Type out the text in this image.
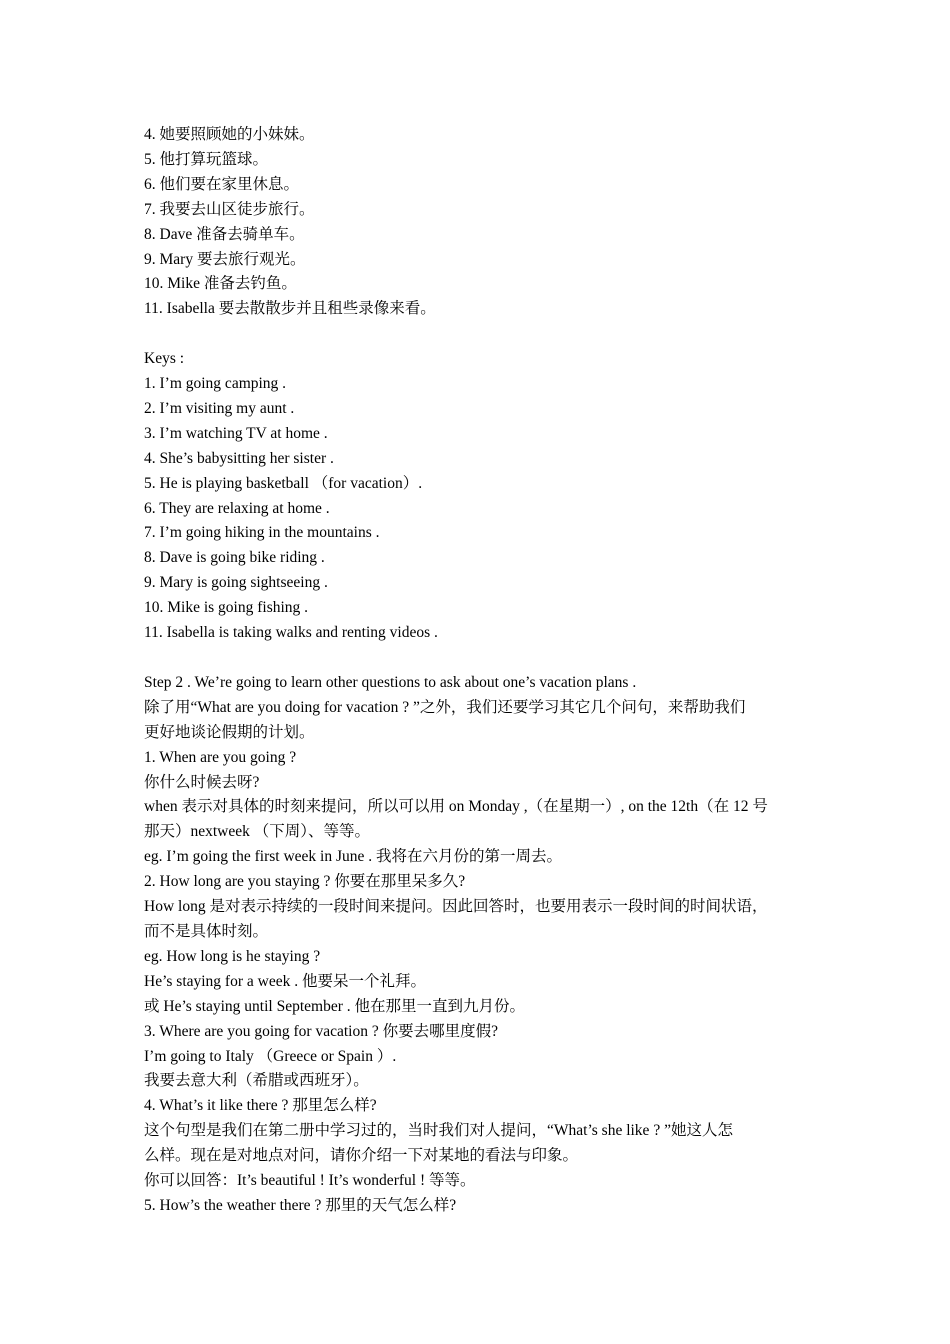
4. 她要照顾她的小妹妹。
5. 他打算玩篮球。
6. 他们要在家里休息。
7. 我要去山区徒步旅行。
8. Dave 准备去骑单车。
9. Mary 要去旅行观光。
10. Mike 准备去钓鱼。
11. Isabella 要去散散步并且租些录像来看。
Keys :
1. I’m going camping .
2. I’m visiting my aunt .
3. I’m watching TV at home .
4. She’s babysitting her sister .
5. He is playing basketball （for vacation）.
6. They are relaxing at home .
7. I’m going hiking in the mountains .
8. Dave is going bike riding .
9. Mary is going sightseeing .
10. Mike is going fishing .
11. Isabella is taking walks and renting videos .
Step 2 . We’re going to learn other questions to ask about one’s vacation plans .
除了用“What are you doing for vacation ? ”之外，我们还要学习其它几个问句，来帮助我们
更好地谈论假期的计划。
1. When are you going ?
你什么时候去呀?
when 表示对具体的时刻来提问，所以可以用 on Monday ,（在星期一）, on the 12th（在 12 号
那天）nextweek （下周）、等等。
eg. I’m going the first week in June . 我将在六月份的第一周去。
2. How long are you staying ? 你要在那里呆多久?
How long 是对表示持续的一段时间来提问。因此回答时，也要用表示一段时间的时间状语，
而不是具体时刻。
eg. How long is he staying ?
He’s staying for a week . 他要呆一个礼拜。
或 He’s staying until September . 他在那里一直到九月份。
3. Where are you going for vacation ? 你要去哪里度假?
I’m going to Italy （Greece or Spain ）.
我要去意大利（希腊或西班牙）。
4. What’s it like there ? 那里怎么样?
这个句型是我们在第二册中学习过的，当时我们对人提问，“What’s she like ? ”她这人怎
么样。现在是对地点对问，请你介绍一下对某地的看法与印象。
你可以回答：It’s beautiful ! It’s wonderful ! 等等。
5. How’s the weather there ? 那里的天气怎么样?
